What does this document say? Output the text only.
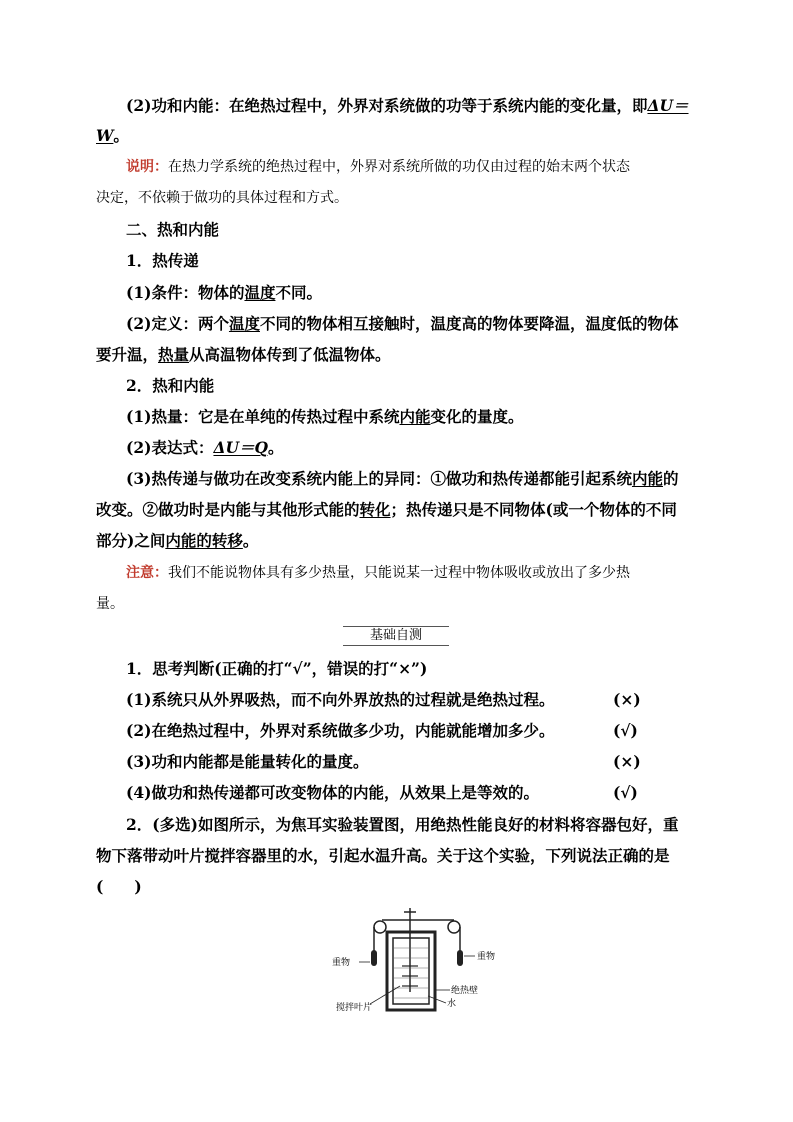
(2)功和内能：在绝热过程中，外界对系统做的功等于系统内能的变化量，即ΔU＝
W。
说明：在热力学系统的绝热过程中，外界对系统所做的功仅由过程的始末两个状态
决定，不依赖于做功的具体过程和方式。
二、热和内能
1．热传递
(1)条件：物体的温度不同。
(2)定义：两个温度不同的物体相互接触时，温度高的物体要降温，温度低的物体
要升温，热量从高温物体传到了低温物体。
2．热和内能
(1)热量：它是在单纯的传热过程中系统内能变化的量度。
(2)表达式：ΔU＝Q。
(3)热传递与做功在改变系统内能上的异同：①做功和热传递都能引起系统内能的
改变。②做功时是内能与其他形式能的转化；热传递只是不同物体(或一个物体的不同
部分)之间内能的转移。
注意：我们不能说物体具有多少热量，只能说某一过程中物体吸收或放出了多少热
量。
基础自测
1．思考判断(正确的打“√”，错误的打“×”)
(1)系统只从外界吸热，而不向外界放热的过程就是绝热过程。	(×)
(2)在绝热过程中，外界对系统做多少功，内能就能增加多少。	(√)
(3)功和内能都是能量转化的量度。	(×)
(4)做功和热传递都可改变物体的内能，从效果上是等效的。	(√)
2．(多选)如图所示，为焦耳实验装置图，用绝热性能良好的材料将容器包好，重
物下落带动叶片搅拌容器里的水，引起水温升高。关于这个实验，下列说法正确的是
(　　)
重物
重物
绝热壁
水
搅拌叶片
